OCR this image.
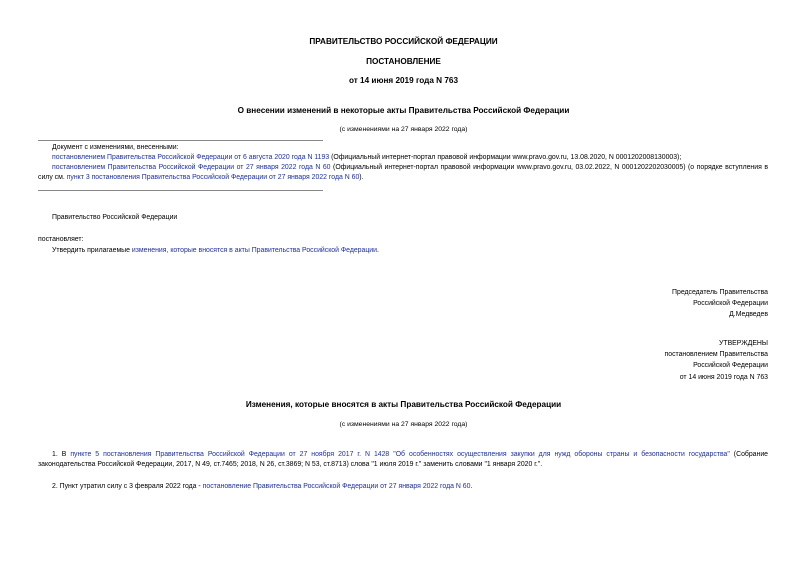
ПРАВИТЕЛЬСТВО РОССИЙСКОЙ ФЕДЕРАЦИИ
ПОСТАНОВЛЕНИЕ
от 14 июня 2019 года N 763
О внесении изменений в некоторые акты Правительства Российской Федерации
(с изменениями на 27 января 2022 года)
Документ с изменениями, внесенными:
постановлением Правительства Российской Федерации от 6 августа 2020 года N 1193 (Официальный интернет-портал правовой информации www.pravo.gov.ru, 13.08.2020, N 0001202008130003);
постановлением Правительства Российской Федерации от 27 января 2022 года N 60 (Официальный интернет-портал правовой информации www.pravo.gov.ru, 03.02.2022, N 0001202202030005) (о порядке вступления в силу см. пункт 3 постановления Правительства Российской Федерации от 27 января 2022 года N 60).
Правительство Российской Федерации
постановляет:
Утвердить прилагаемые изменения, которые вносятся в акты Правительства Российской Федерации.
Председатель Правительства
Российской Федерации
Д.Медведев
УТВЕРЖДЕНЫ
постановлением Правительства
Российской Федерации
от 14 июня 2019 года N 763
Изменения, которые вносятся в акты Правительства Российской Федерации
(с изменениями на 27 января 2022 года)
1. В пункте 5 постановления Правительства Российской Федерации от 27 ноября 2017 г. N 1428 "Об особенностях осуществления закупки для нужд обороны страны и безопасности государства" (Собрание законодательства Российской Федерации, 2017, N 49, ст.7465; 2018, N 26, ст.3869; N 53, ст.8713) слова "1 июля 2019 г." заменить словами "1 января 2020 г.".
2. Пункт утратил силу с 3 февраля 2022 года - постановление Правительства Российской Федерации от 27 января 2022 года N 60.
